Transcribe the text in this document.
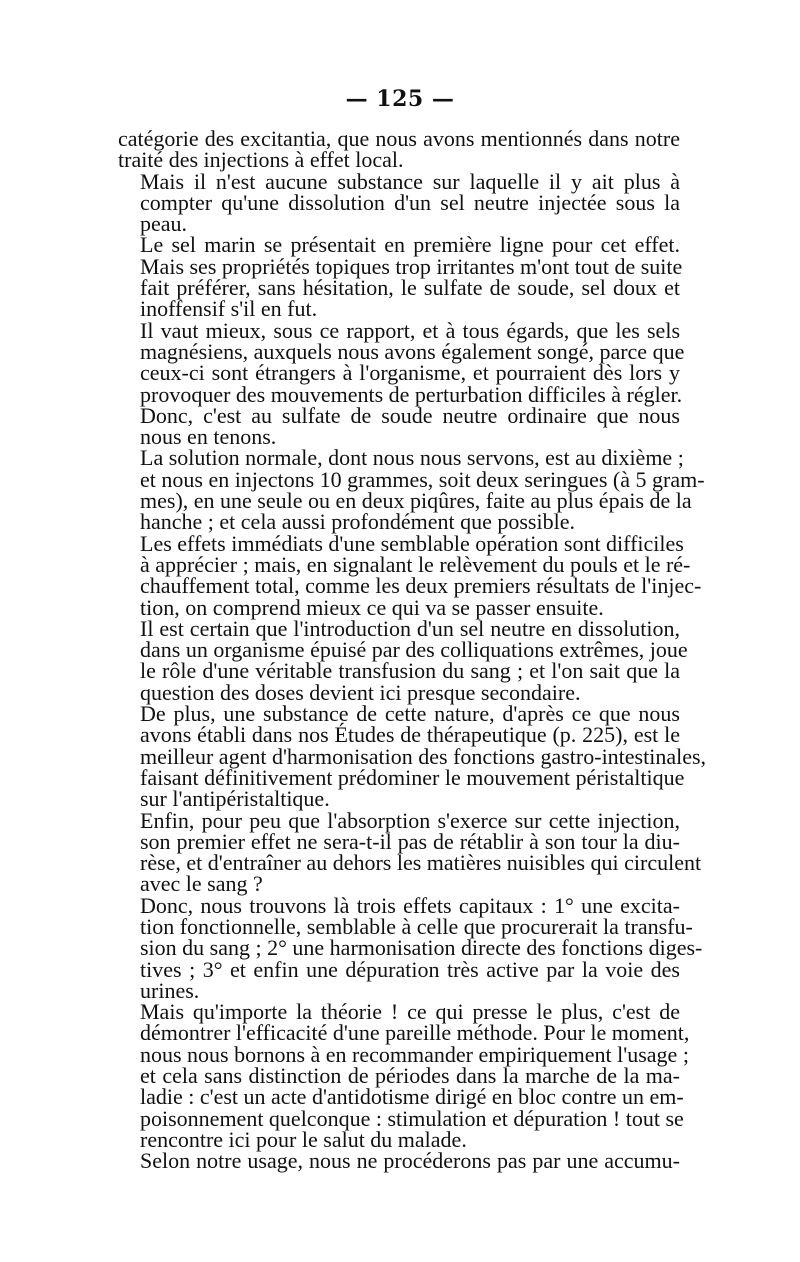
— 125 —
catégorie des excitantia, que nous avons mentionnés dans notre
traité des injections à effet local.
Mais il n'est aucune substance sur laquelle il y ait plus à
compter qu'une dissolution d'un sel neutre injectée sous la
peau.
Le sel marin se présentait en première ligne pour cet effet.
Mais ses propriétés topiques trop irritantes m'ont tout de suite
fait préférer, sans hésitation, le sulfate de soude, sel doux et
inoffensif s'il en fut.
Il vaut mieux, sous ce rapport, et à tous égards, que les sels
magnésiens, auxquels nous avons également songé, parce que
ceux-ci sont étrangers à l'organisme, et pourraient dès lors y
provoquer des mouvements de perturbation difficiles à régler.
Donc, c'est au sulfate de soude neutre ordinaire que nous
nous en tenons.
La solution normale, dont nous nous servons, est au dixième ;
et nous en injectons 10 grammes, soit deux seringues (à 5 gram-
mes), en une seule ou en deux piqûres, faite au plus épais de la
hanche ; et cela aussi profondément que possible.
Les effets immédiats d'une semblable opération sont difficiles
à apprécier ; mais, en signalant le relèvement du pouls et le ré-
chauffement total, comme les deux premiers résultats de l'injec-
tion, on comprend mieux ce qui va se passer ensuite.
Il est certain que l'introduction d'un sel neutre en dissolution,
dans un organisme épuisé par des colliquations extrêmes, joue
le rôle d'une véritable transfusion du sang ; et l'on sait que la
question des doses devient ici presque secondaire.
De plus, une substance de cette nature, d'après ce que nous
avons établi dans nos Études de thérapeutique (p. 225), est le
meilleur agent d'harmonisation des fonctions gastro-intestinales,
faisant définitivement prédominer le mouvement péristaltique
sur l'antipéristaltique.
Enfin, pour peu que l'absorption s'exerce sur cette injection,
son premier effet ne sera-t-il pas de rétablir à son tour la diu-
rèse, et d'entraîner au dehors les matières nuisibles qui circulent
avec le sang ?
Donc, nous trouvons là trois effets capitaux : 1° une excita-
tion fonctionnelle, semblable à celle que procurerait la transfu-
sion du sang ; 2° une harmonisation directe des fonctions diges-
tives ; 3° et enfin une dépuration très active par la voie des
urines.
Mais qu'importe la théorie ! ce qui presse le plus, c'est de
démontrer l'efficacité d'une pareille méthode. Pour le moment,
nous nous bornons à en recommander empiriquement l'usage ;
et cela sans distinction de périodes dans la marche de la ma-
ladie : c'est un acte d'antidotisme dirigé en bloc contre un em-
poisonnement quelconque : stimulation et dépuration ! tout se
rencontre ici pour le salut du malade.
Selon notre usage, nous ne procéderons pas par une accumu-
